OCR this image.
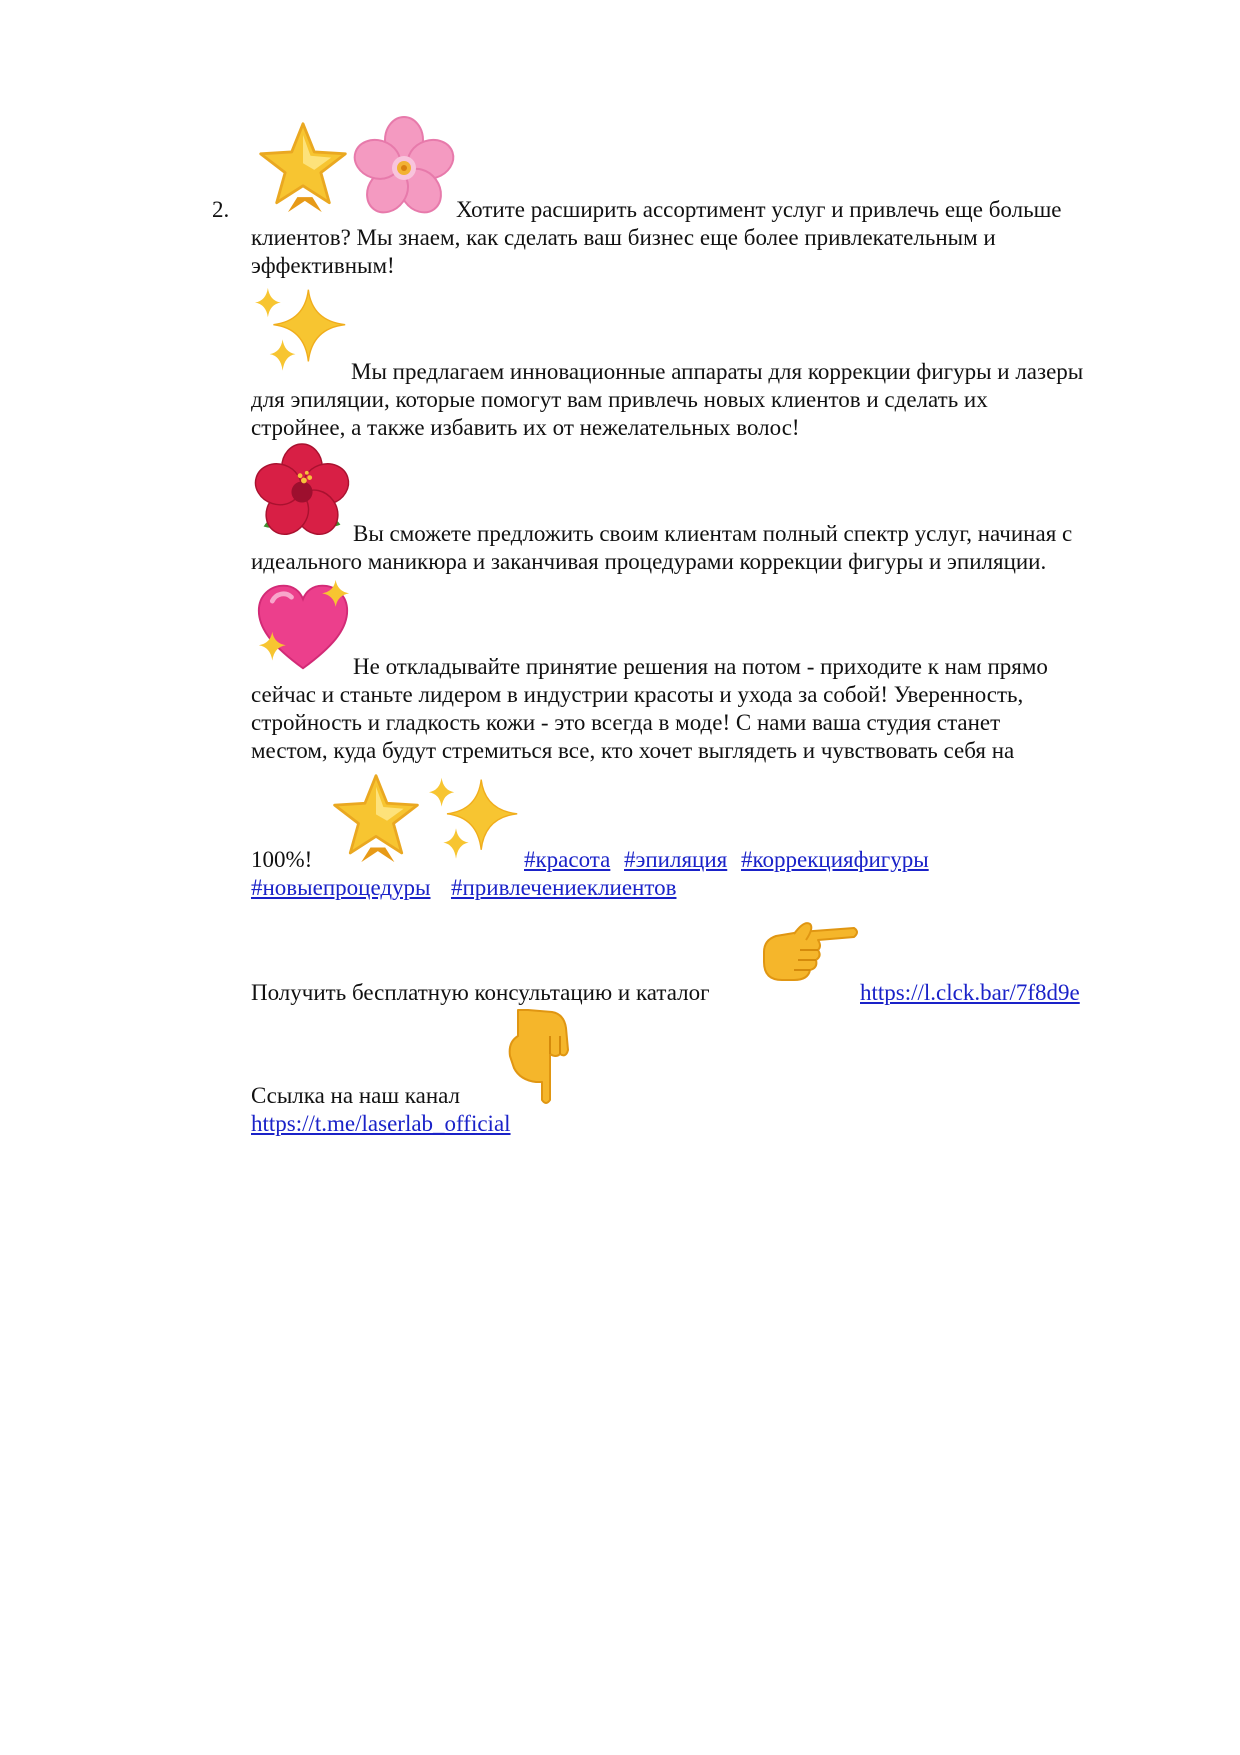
2.	Хотите расширить ассортимент услуг и привлечь еще больше
клиентов? Мы знаем, как сделать ваш бизнес еще более привлекательным и
эффективным!
Мы предлагаем инновационные аппараты для коррекции фигуры и лазеры
для эпиляции, которые помогут вам привлечь новых клиентов и сделать их
стройнее, а также избавить их от нежелательных волос!
Вы сможете предложить своим клиентам полный спектр услуг, начиная с
идеального маникюра и заканчивая процедурами коррекции фигуры и эпиляции.
Не откладывайте принятие решения на потом - приходите к нам прямо
сейчас и станьте лидером в индустрии красоты и ухода за собой! Уверенность,
стройность и гладкость кожи - это всегда в моде! С нами ваша студия станет
местом, куда будут стремиться все, кто хочет выглядеть и чувствовать себя на
100%!	#красота #эпиляция #коррекцияфигуры
#новыепроцедуры #привлечениеклиентов
Получить бесплатную консультацию и каталог	https://l.clck.bar/7f8d9e
Ссылка на наш канал
https://t.me/laserlab_official
